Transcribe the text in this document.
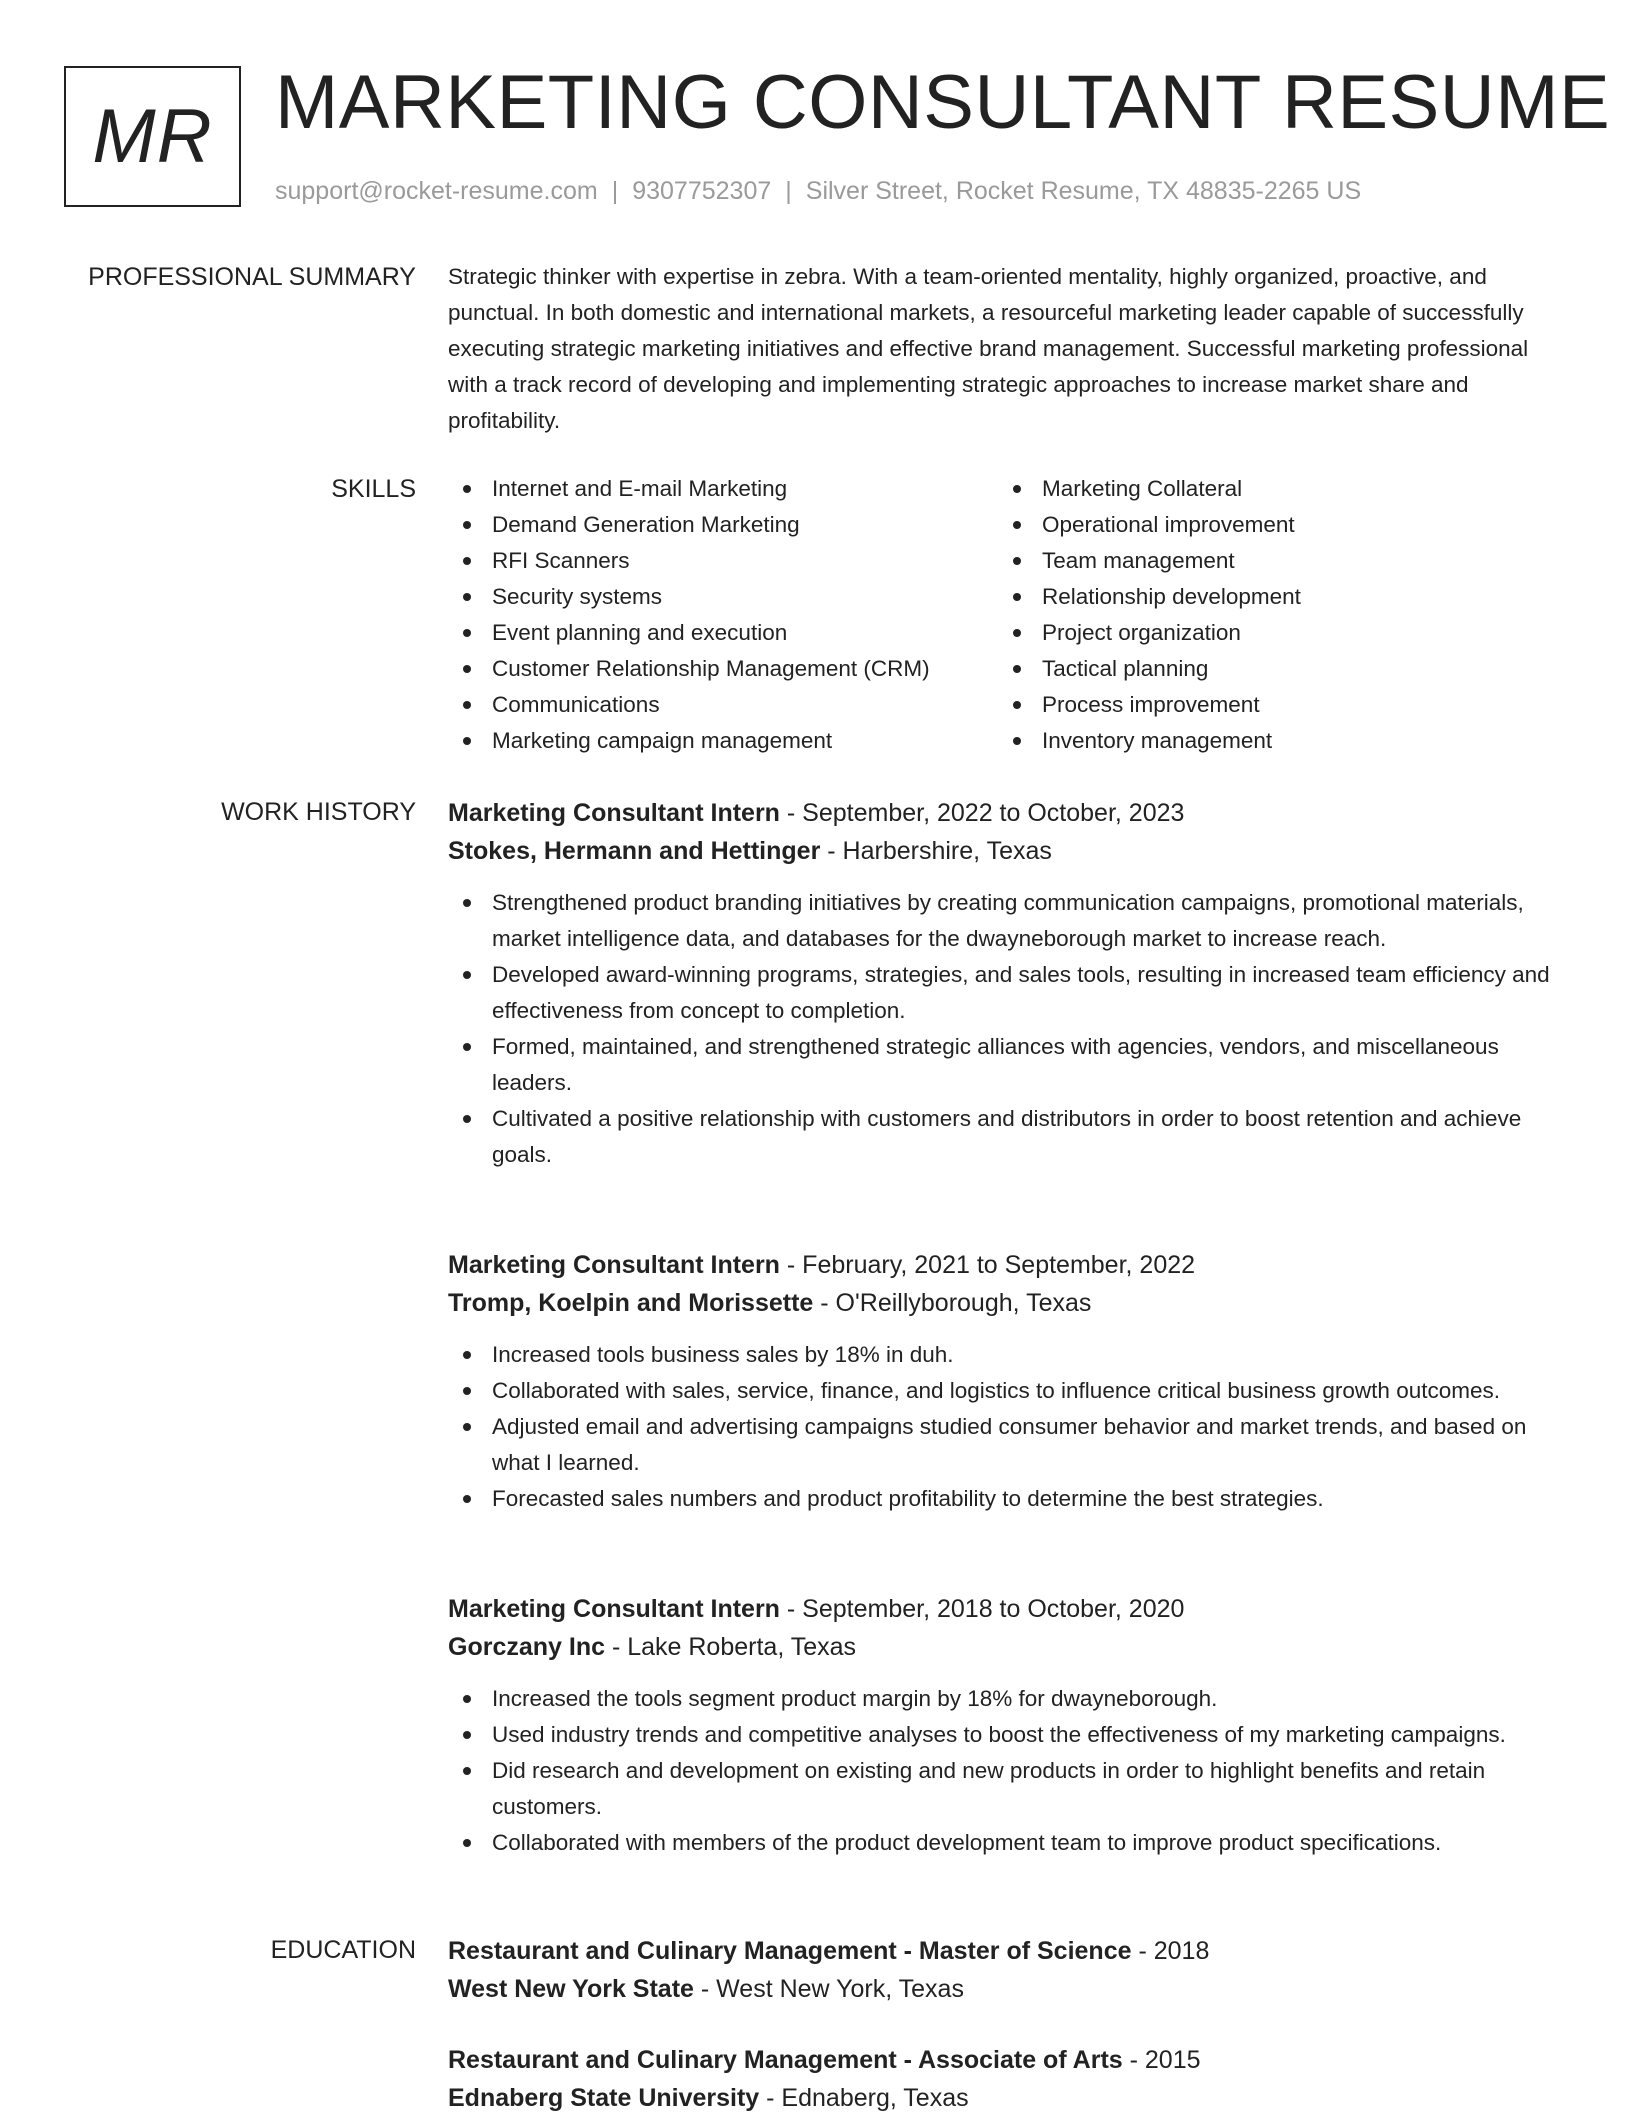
MR MARKETING CONSULTANT RESUME
support@rocket-resume.com | 9307752307 | Silver Street, Rocket Resume, TX 48835-2265 US
PROFESSIONAL SUMMARY Strategic thinker with expertise in zebra. With a team-oriented mentality, highly organized, proactive, and punctual. In both domestic and international markets, a resourceful marketing leader capable of successfully executing strategic marketing initiatives and effective brand management. Successful marketing professional with a track record of developing and implementing strategic approaches to increase market share and profitability.

SKILLS	Internet and E-mail Marketing
Demand Generation Marketing
RFI Scanners
Security systems
Event planning and execution
Customer Relationship Management (CRM)
Communications
Marketing campaign management
Marketing Collateral
Operational improvement
Team management
Relationship development
Project organization
Tactical planning
Process improvement
Inventory management
WORK HISTORY Marketing Consultant Intern - September, 2022 to October, 2023
Stokes, Hermann and Hettinger - Harbershire, Texas
Strengthened product branding initiatives by creating communication campaigns, promotional materials, market intelligence data, and databases for the dwayneborough market to increase reach.
Developed award-winning programs, strategies, and sales tools, resulting in increased team efficiency and effectiveness from concept to completion.
Formed, maintained, and strengthened strategic alliances with agencies, vendors, and miscellaneous leaders.
Cultivated a positive relationship with customers and distributors in order to boost retention and achieve goals.
Marketing Consultant Intern - February, 2021 to September, 2022
Tromp, Koelpin and Morissette - O'Reillyborough, Texas
Increased tools business sales by 18% in duh.
Collaborated with sales, service, finance, and logistics to influence critical business growth outcomes.
Adjusted email and advertising campaigns studied consumer behavior and market trends, and based on what I learned.
Forecasted sales numbers and product profitability to determine the best strategies.
Marketing Consultant Intern - September, 2018 to October, 2020
Gorczany Inc - Lake Roberta, Texas
Increased the tools segment product margin by 18% for dwayneborough.
Used industry trends and competitive analyses to boost the effectiveness of my marketing campaigns.
Did research and development on existing and new products in order to highlight benefits and retain customers.
Collaborated with members of the product development team to improve product specifications.
EDUCATION Restaurant and Culinary Management - Master of Science - 2018
West New York State - West New York, Texas
Restaurant and Culinary Management - Associate of Arts - 2015
Ednaberg State University - Ednaberg, Texas
